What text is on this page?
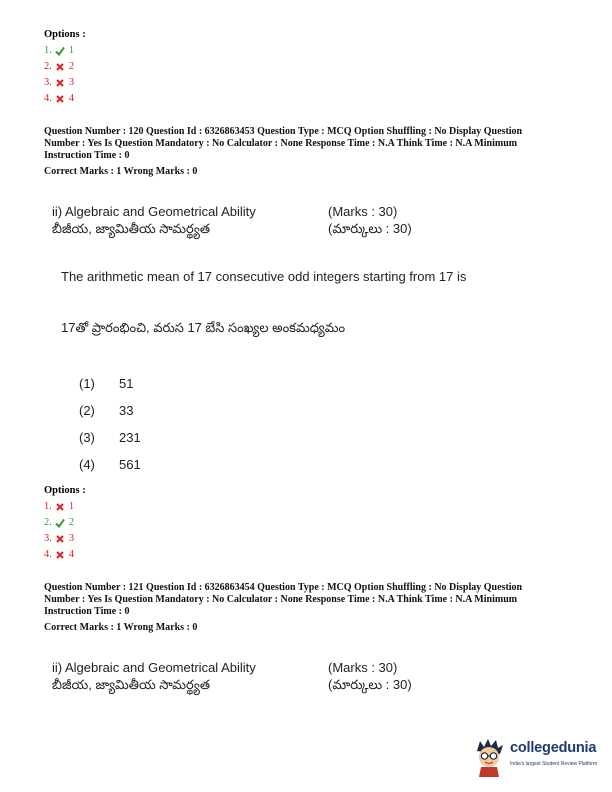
Options :
1. 1
2. 2
3. 3
4. 4
Question Number : 120 Question Id : 6326863453 Question Type : MCQ Option Shuffling : No Display Question
Number : Yes Is Question Mandatory : No Calculator : None Response Time : N.A Think Time : N.A Minimum
Instruction Time : 0
Correct Marks : 1 Wrong Marks : 0
ii) Algebraic and Geometrical Ability	(Marks : 30)
బీజీయ, జ్యామితీయ సామర్థ్యత	(మార్కులు : 30)
The arithmetic mean of 17 consecutive odd integers starting from 17 is
17తో ప్రారంభించి, వరుస 17 బేసి సంఖ్యల అంకమధ్యమం
(1) 51
(2) 33
(3) 231
(4) 561
Options :
1. 1
2. 2
3. 3
4. 4
Question Number : 121 Question Id : 6326863454 Question Type : MCQ Option Shuffling : No Display Question
Number : Yes Is Question Mandatory : No Calculator : None Response Time : N.A Think Time : N.A Minimum
Instruction Time : 0
Correct Marks : 1 Wrong Marks : 0
ii) Algebraic and Geometrical Ability	(Marks : 30)
బీజీయ, జ్యామితీయ సామర్థ్యత	(మార్కులు : 30)
collegedunia
India's largest Student Review Platform
